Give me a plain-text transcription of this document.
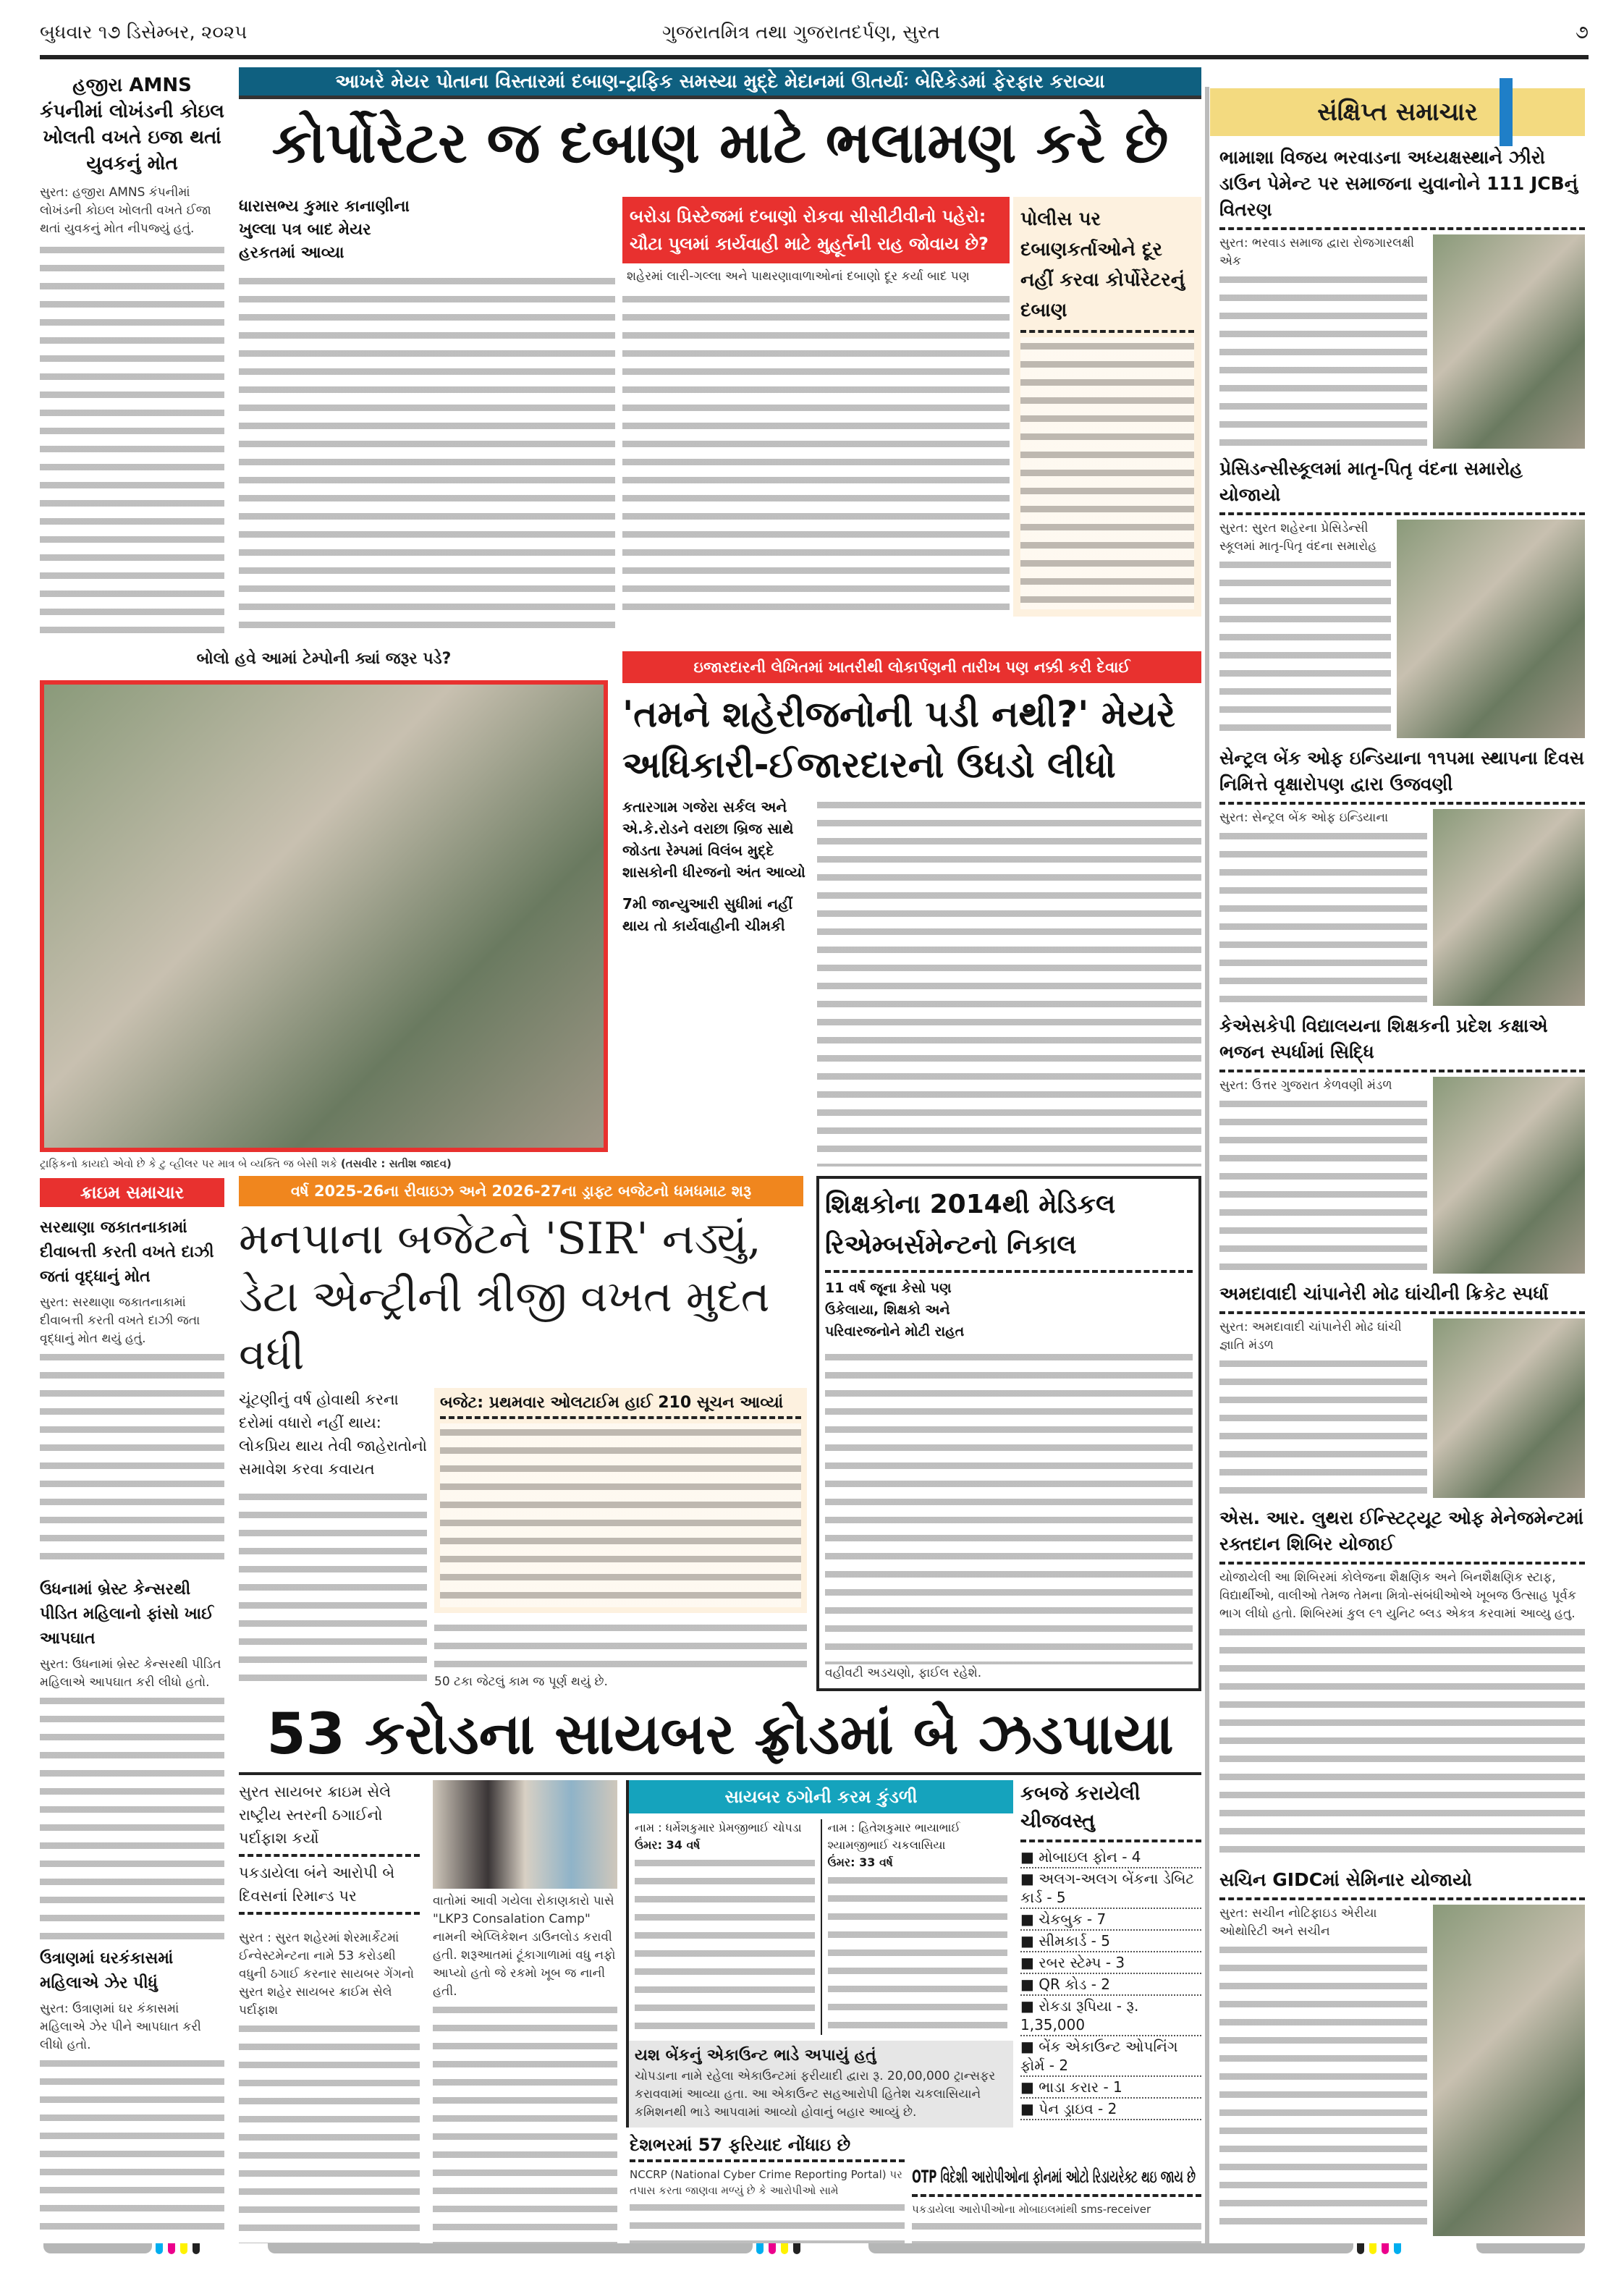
બુધવાર ૧૭ ડિસેમ્બર, ૨૦૨૫	ગુજરાતમિત્ર તથા ગુજરાતદર્પણ, સુરત	૭
હજીરા AMNS કંપનીમાં લોખંડની કોઇલ ખોલતી વખતે ઇજા થતાં યુવકનું મોત
સુરત: હજીરા AMNS કંપનીમાં લોખંડની કોઇલ ખોલતી વખતે ઈજા થતાં યુવકનું મોત નીપજ્યું હતું.
આખરે મેયર પોતાના વિસ્તારમાં દબાણ-ટ્રાફિક સમસ્યા મુદ્દે મેદાનમાં ઊતર્યાઃ બેરિકેડમાં ફેરફાર કરાવ્યા
કોર્પોરેટર જ દબાણ માટે ભલામણ કરે છે
ધારાસભ્ય કુમાર કાનાણીના ખુલ્લા પત્ર બાદ મેયર હરકતમાં આવ્યા
બરોડા પ્રિસ્ટેજમાં દબાણો રોકવા સીસીટીવીનો પહેરો: ચૌટા પુલમાં કાર્યવાહી માટે મુહૂર્તની રાહ જોવાય છે?
શહેરમાં લારી-ગલ્લા અને પાથરણાવાળાઓનાં દબાણો દૂર કર્યા બાદ પણ
પોલીસ પર દબાણકર્તાઓને દૂર નહીં કરવા કોર્પોરેટરનું દબાણ
બોલો હવે આમાં ટેમ્પોની ક્યાં જરૂર પડે?
ટ્રાફિકનો કાયદો એવો છે કે ટુ વ્હીલર પર માત્ર બે વ્યક્તિ જ બેસી શકે (તસવીર : સતીશ જાદવ)
ઇજારદારની લેખિતમાં ખાતરીથી લોકાર્પણની તારીખ પણ નક્કી કરી દેવાઈ
'તમને શહેરીજનોની પડી નથી?' મેયરે અધિકારી-ઈજારદારનો ઉધડો લીધો
કતારગામ ગજેરા સર્કલ અને એ.કે.રોડને વરાછા બ્રિજ સાથે જોડતા રેમ્પમાં વિલંબ મુદ્દે શાસકોની ધીરજનો અંત આવ્યો
7મી જાન્યુઆરી સુધીમાં નહીં થાય તો કાર્યવાહીની ચીમકી
ક્રાઇમ સમાચાર
સરથાણા જકાતનાકામાં દીવાબત્તી કરતી વખતે દાઝી જતાં વૃદ્ધાનું મોત
સુરત: સરથાણા જકાતનાકામાં દીવાબત્તી કરતી વખતે દાઝી જતા વૃદ્ધાનું મોત થયું હતું.
ઉધનામાં બ્રેસ્ટ કેન્સરથી પીડિત મહિલાનો ફાંસો ખાઈ આપઘાત
સુરત: ઉધનામાં બ્રેસ્ટ કેન્સરથી પીડિત મહિલાએ આપઘાત કરી લીધો હતો.
ઉત્રાણમાં ઘરકંકાસમાં મહિલાએ ઝેર પીધું
સુરત: ઉત્રાણમાં ઘર કંકાસમાં મહિલાએ ઝેર પીને આપઘાત કરી લીધો હતો.
વર્ષ 2025-26ના રીવાઇઝ અને 2026-27ના ડ્રાફ્ટ બજેટનો ધમધમાટ શરૂ
મનપાના બજેટને 'SIR' નડ્યું, ડેટા એન્ટ્રીની ત્રીજી વખત મુદત વધી
ચૂંટણીનું વર્ષ હોવાથી કરના દરોમાં વધારો નહીં થાય: લોકપ્રિય થાય તેવી જાહેરાતોનો સમાવેશ કરવા કવાયત
બજેટ: પ્રથમવાર ઓલટાઈમ હાઈ 210 સૂચન આવ્યાં
50 ટકા જેટલું કામ જ પૂર્ણ થયું છે.
શિક્ષકોના 2014થી મેડિકલ રિએમ્બર્સમેન્ટનો નિકાલ
11 વર્ષ જૂના કેસો પણ ઉકેલાયા, શિક્ષકો અને પરિવારજનોને મોટી રાહત
વહીવટી અડચણો, ફાઈલ રહેશે.
53 કરોડના સાયબર ફ્રોડમાં બે ઝડપાયા
સુરત સાયબર ક્રાઇમ સેલે રાષ્ટ્રીય સ્તરની ઠગાઈનો પર્દાફાશ કર્યો
પકડાયેલા બંને આરોપી બે દિવસનાં રિમાન્ડ પર
સુરત : સુરત શહેરમાં શેરમાર્કેટમાં ઈન્વેસ્ટમેન્ટના નામે 53 કરોડથી વધુની ઠગાઈ કરનાર સાયબર ગેંગનો સુરત શહેર સાયબર ક્રાઈમ સેલે પર્દાફાશ
વાતોમાં આવી ગયેલા રોકાણકારો પાસે "LKP3 Consalation Camp" નામની એપ્લિકેશન ડાઉનલોડ કરાવી હતી. શરૂઆતમાં ટૂંકાગાળામાં વધુ નફો આપ્યો હતો જે રકમો ખૂબ જ નાની હતી.
સાયબર ઠગોની કરમ કુંડળી
નામ : ધર્મેશકુમાર પ્રેમજીભાઈ ચોપડા
ઉંમર: 34 વર્ષ
નામ : હિતેશકુમાર ભાયાભાઈ શ્યામજીભાઈ ચકલાસિયા
ઉંમર: 33 વર્ષ
યશ બેંકનું એકાઉન્ટ ભાડે અપાયું હતું
ચોપડાના નામે રહેલા એકાઉન્ટમાં ફરીયાદી દ્વારા રૂ. 20,00,000 ટ્રાન્સફર કરાવવામાં આવ્યા હતા. આ એકાઉન્ટ સહઆરોપી હિતેશ ચકલાસિયાને કમિશનથી ભાડે આપવામાં આવ્યો હોવાનું બહાર આવ્યું છે.
કબજે કરાયેલી ચીજવસ્તુ
■ મોબાઇલ ફોન - 4
■ અલગ-અલગ બેંકના ડેબિટ કાર્ડ - 5
■ ચેકબુક - 7
■ સીમકાર્ડ - 5
■ રબર સ્ટેમ્પ - 3
■ QR કોડ - 2
■ રોકડા રૂપિયા - રૂ. 1,35,000
■ બેંક એકાઉન્ટ ઓપનિંગ ફોર્મ - 2
■ ભાડા કરાર - 1
■ પેન ડ્રાઇવ - 2
દેશભરમાં 57 ફરિયાદ નોંધાઇ છે
NCCRP (National Cyber Crime Reporting Portal) પર તપાસ કરતા જાણવા મળ્યું છે કે આરોપીઓ સામે
OTP વિદેશી આરોપીઓના ફોનમાં ઓટો રિડાયરેક્ટ થઇ જાય છે
પકડાયેલા આરોપીઓના મોબાઇલમાંથી sms-receiver
સંક્ષિપ્ત સમાચાર
ભામાશા વિજય ભરવાડના અધ્યક્ષસ્થાને ઝીરો ડાઉન પેમેન્ટ પર સમાજના યુવાનોને 111 JCBનું વિતરણ
સુરત: ભરવાડ સમાજ દ્વારા રોજગારલક્ષી એક
પ્રેસિડન્સીસ્કૂલમાં માતૃ-પિતૃ વંદના સમારોહ યોજાયો
સુરત: સુરત શહેરના પ્રેસિડેન્સી સ્કૂલમાં માતૃ-પિતૃ વંદના સમારોહ
સેન્ટ્રલ બેંક ઓફ ઇન્ડિયાના ૧૧૫મા સ્થાપના દિવસ નિમિત્તે વૃક્ષારોપણ દ્વારા ઉજવણી
સુરત: સેન્ટ્રલ બેંક ઓફ ઇન્ડિયાના
કેએસકેપી વિદ્યાલયના શિક્ષકની પ્રદેશ કક્ષાએ ભજન સ્પર્ધામાં સિદ્ધિ
સુરત: ઉત્તર ગુજરાત કેળવણી મંડળ
અમદાવાદી ચાંપાનેરી મોઢ ઘાંચીની ક્રિકેટ સ્પર્ધા
સુરત: અમદાવાદી ચાંપાનેરી મોઢ ઘાંચી જ્ઞાતિ મંડળ
એસ. આર. લુથરા ઈન્સ્ટિટ્યૂટ ઓફ મેનેજમેન્ટમાં રક્તદાન શિબિર યોજાઈ
યોજાયેલી આ શિબિરમાં કોલેજના શૈક્ષણિક અને બિનશૈક્ષણિક સ્ટાફ, વિદ્યાર્થીઓ, વાલીઓ તેમજ તેમના મિત્રો-સંબંધીઓએ ખૂબજ ઉત્સાહ પૂર્વક ભાગ લીધો હતો. શિબિરમાં કુલ ૯૧ યુનિટ બ્લડ એકત્ર કરવામાં આવ્યુ હતુ.
સચિન GIDCમાં સેમિનાર યોજાયો
સુરત: સચીન નોટિફાઇડ એરીયા ઓથોરિટી અને સચીન
